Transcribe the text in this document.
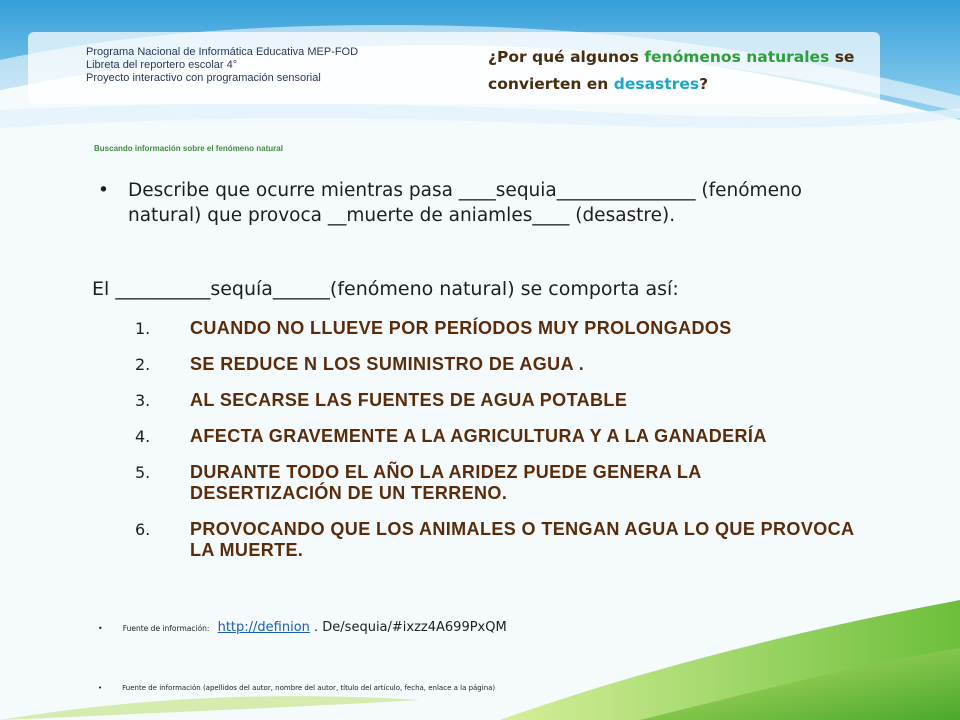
Programa Nacional de Informática Educativa MEP-FOD
Libreta del reportero escolar 4°
Proyecto interactivo con programación sensorial
¿Por qué algunos fenómenos naturales se convierten en desastres?
Buscando información sobre el fenómeno natural
• Describe que ocurre mientras pasa ____sequia_______________ (fenómeno natural) que provoca __muerte de aniamles____ (desastre).
El __________sequía______(fenómeno natural) se comporta así:
1. CUANDO NO LLUEVE POR PERÍODOS MUY PROLONGADOS
2. SE REDUCE N LOS SUMINISTRO DE AGUA .
3. AL SECARSE LAS FUENTES DE AGUA POTABLE
4. AFECTA GRAVEMENTE A LA AGRICULTURA Y A LA GANADERÍA
5. DURANTE TODO EL AÑO LA ARIDEZ PUEDE GENERA LA DESERTIZACIÓN DE UN TERRENO.
6. PROVOCANDO QUE LOS ANIMALES O TENGAN AGUA LO QUE PROVOCA LA MUERTE.
•	Fuente de información: http://definion . De/sequia/#ixzz4A699PxQM
•	Fuente de información (apellidos del autor, nombre del autor, título del artículo, fecha, enlace a la página)
